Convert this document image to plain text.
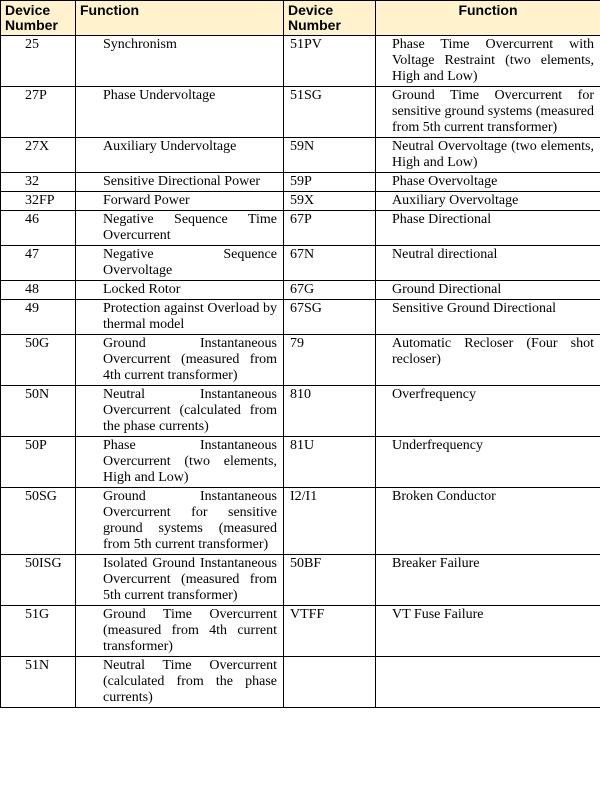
Device Number	Function	Device Number	Function
25	Synchronism	51PV	Phase Time Overcurrent with Voltage Restraint (two elements, High and Low)
27P	Phase Undervoltage	51SG	Ground Time Overcurrent for sensitive ground systems (measured from 5th current transformer)
27X	Auxiliary Undervoltage	59N	Neutral Overvoltage (two elements, High and Low)
32	Sensitive Directional Power	59P	Phase Overvoltage
32FP	Forward Power	59X	Auxiliary Overvoltage
46	Negative Sequence Time Overcurrent	67P	Phase Directional
47	Negative Sequence Overvoltage	67N	Neutral directional
48	Locked Rotor	67G	Ground Directional
49	Protection against Overload by thermal model	67SG	Sensitive Ground Directional
50G	Ground Instantaneous Overcurrent (measured from 4th current transformer)	79	Automatic Recloser (Four shot recloser)
50N	Neutral Instantaneous Overcurrent (calculated from the phase currents)	810	Overfrequency
50P	Phase Instantaneous Overcurrent (two elements, High and Low)	81U	Underfrequency
50SG	Ground Instantaneous Overcurrent for sensitive ground systems (measured from 5th current transformer)	I2/I1	Broken Conductor
50ISG	Isolated Ground Instantaneous Overcurrent (measured from 5th current transformer)	50BF	Breaker Failure
51G	Ground Time Overcurrent (measured from 4th current transformer)	VTFF	VT Fuse Failure
51N	Neutral Time Overcurrent (calculated from the phase currents)		
